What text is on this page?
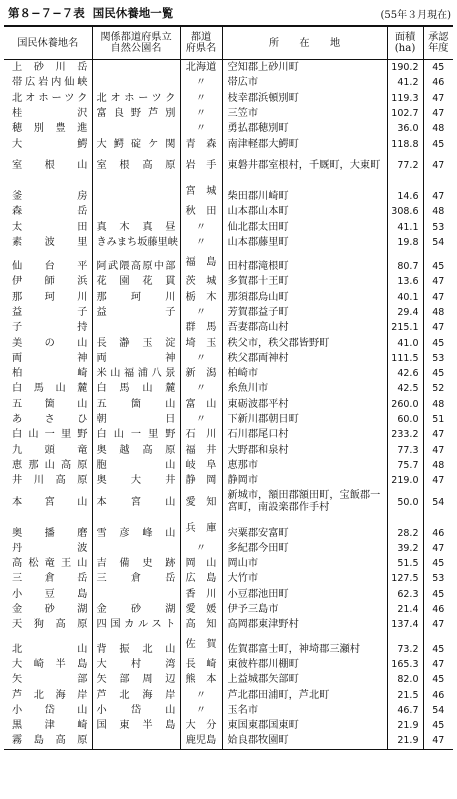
第８−７−７表 国民休養地一覧	(55年３月現在)
国民休養地名	関係都道府県立
自然公園名	都道
府県名	所　　在　　地	面積
(ha)	承認
年度
上砂川岳		北海道	空知郡上砂川町	190.2	45
帯広岩内仙峡		〃	帯広市	41.2	46
北オホーツク	北オホーツク	〃	枝幸郡浜頓別町	119.3	47
桂沢	富良野芦別	〃	三笠市	102.7	47
穂別豊進		〃	勇払郡穂別町	36.0	48
大鰐	大鰐碇ケ関	青森	南津軽郡大鰐町	118.8	45
室根山	室根高原	岩手	東磐井郡室根村，千厩町，大東町	77.2	47
釜房		宮城	柴田郡川崎町	14.6	47
森岳		秋田	山本郡山本町	308.6	48
太田	真木真昼	〃	仙北郡太田町	41.1	53
素波里	きみまち坂藤里峡	〃	山本郡藤里町	19.8	54
仙台平	阿武隈高原中部	福島	田村郡滝根町	80.7	45
伊師浜	花園花貫	茨城	多賀郡十王町	13.6	47
那珂川	那珂川	栃木	那須郡烏山町	40.1	47
益子	益子	〃	芳賀郡益子町	29.4	48
子持		群馬	吾妻郡高山村	215.1	47
美の山	長瀞玉淀	埼玉	秩父市，秩父郡皆野町	41.0	45
両神	両神	〃	秩父郡両神村	111.5	53
柏崎	米山福浦八景	新潟	柏崎市	42.6	45
白馬山麓	白馬山麓	〃	糸魚川市	42.5	52
五箇山	五箇山	富山	東砺波郡平村	260.0	48
あさひ	朝日	〃	下新川郡朝日町	60.0	51
白山一里野	白山一里野	石川	石川郡尾口村	233.2	47
九頭竜	奥越高原	福井	大野郡和泉村	77.3	47
恵那山高原	胞山	岐阜	恵那市	75.7	48
井川高原	奥大井	静岡	静岡市	219.0	47
本宮山	本宮山	愛知	新城市，額田郡額田町，宝飯郡一宮町，南設楽郡作手村	50.0	54
奥播磨	雪彦峰山	兵庫	宍粟郡安富町	28.2	46
丹波		〃	多紀郡今田町	39.2	47
高松竜王山	吉備史跡	岡山	岡山市	51.5	45
三倉岳	三倉岳	広島	大竹市	127.5	53
小豆島		香川	小豆郡池田町	62.3	45
金砂湖	金砂湖	愛媛	伊予三島市	21.4	46
天狗高原	四国カルスト	高知	高岡郡東津野村	137.4	47
北山	背振北山	佐賀	佐賀郡富士町，神埼郡三瀬村	73.2	45
大崎半島	大村湾	長崎	東彼杵郡川棚町	165.3	47
矢部	矢部周辺	熊本	上益城郡矢部町	82.0	45
芦北海岸	芦北海岸	〃	芦北郡田浦町，芦北町	21.5	46
小岱山	小岱山	〃	玉名市	46.7	54
黒津崎	国東半島	大分	東国東郡国東町	21.9	45
霧島高原		鹿児島	姶良郡牧園町	21.9	47
